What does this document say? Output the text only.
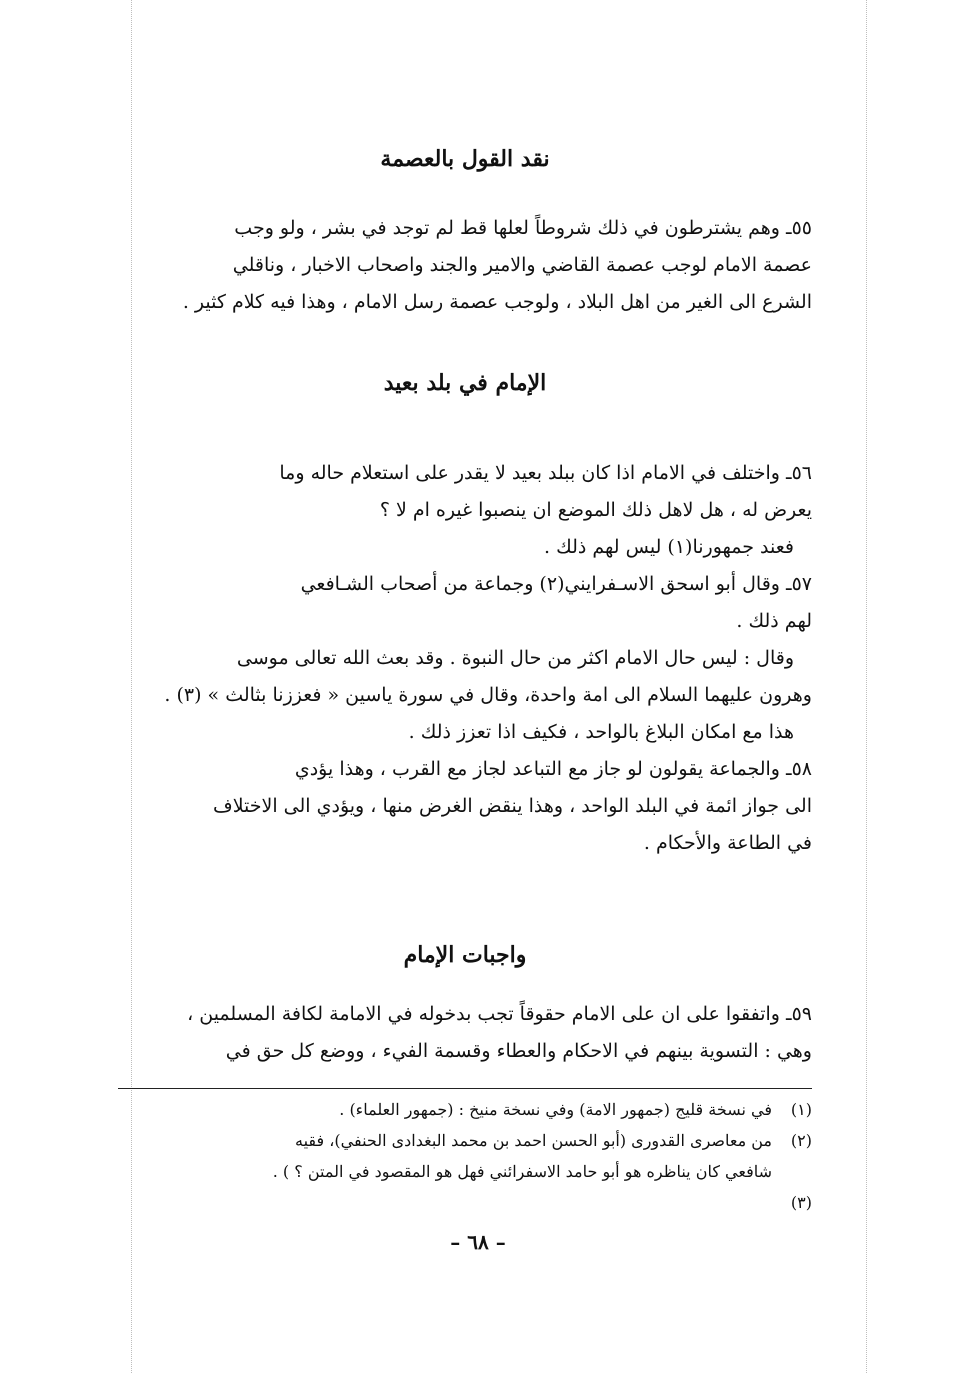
نقد القول بالعصمة
٥٥ـ وهم يشترطون في ذلك شروطاً لعلها قط لم توجد في بشر ، ولو وجب
عصمة الامام لوجب عصمة القاضي والامير والجند واصحاب الاخبار ، وناقلي
الشرع الى الغير من اهل البلاد ، ولوجب عصمة رسل الامام ، وهذا فيه كلام كثير .
الإمام في بلد بعيد
٥٦ـ واختلف في الامام اذا كان ببلد بعيد لا يقدر على استعلام حاله وما
يعرض له ، هل لاهل ذلك الموضع ان ينصبوا غيره ام لا ؟
فعند جمهورنا(١) ليس لهم ذلك .
٥٧ـ وقال أبو اسحق الاسـفرايني(٢) وجماعة من أصحاب الشـافعي
لهم ذلك .
وقال : ليس حال الامام اكثر من حال النبوة . وقد بعث الله تعالى موسى
وهرون عليهما السلام الى امة واحدة، وقال في سورة ياسين « فعززنا بثالث » (٣) .
هذا مع امكان البلاغ بالواحد ، فكيف اذا تعزز ذلك .
٥٨ـ والجماعة يقولون لو جاز مع التباعد لجاز مع القرب ، وهذا يؤدي
الى جواز ائمة في البلد الواحد ، وهذا ينقض الغرض منها ، ويؤدي الى الاختلاف
في الطاعة والأحكام .
واجبات الإمام
٥٩ـ واتفقوا على ان على الامام حقوقاً تجب بدخوله في الامامة لكافة المسلمين ،
وهي : التسوية بينهم في الاحكام والعطاء وقسمة الفيء ، ووضع كل حق في
(١)
في نسخة قليج (جمهور الامة) وفي نسخة منيخ : (جمهور العلماء) .
(٢)
من معاصرى القدورى (أبو الحسن احمد بن محمد البغدادى الحنفي)، فقيه
شافعي كان يناظره هو أبو حامد الاسفرائني فهل هو المقصود في المتن ؟ ) .
(٣)
– ٦٨ –
